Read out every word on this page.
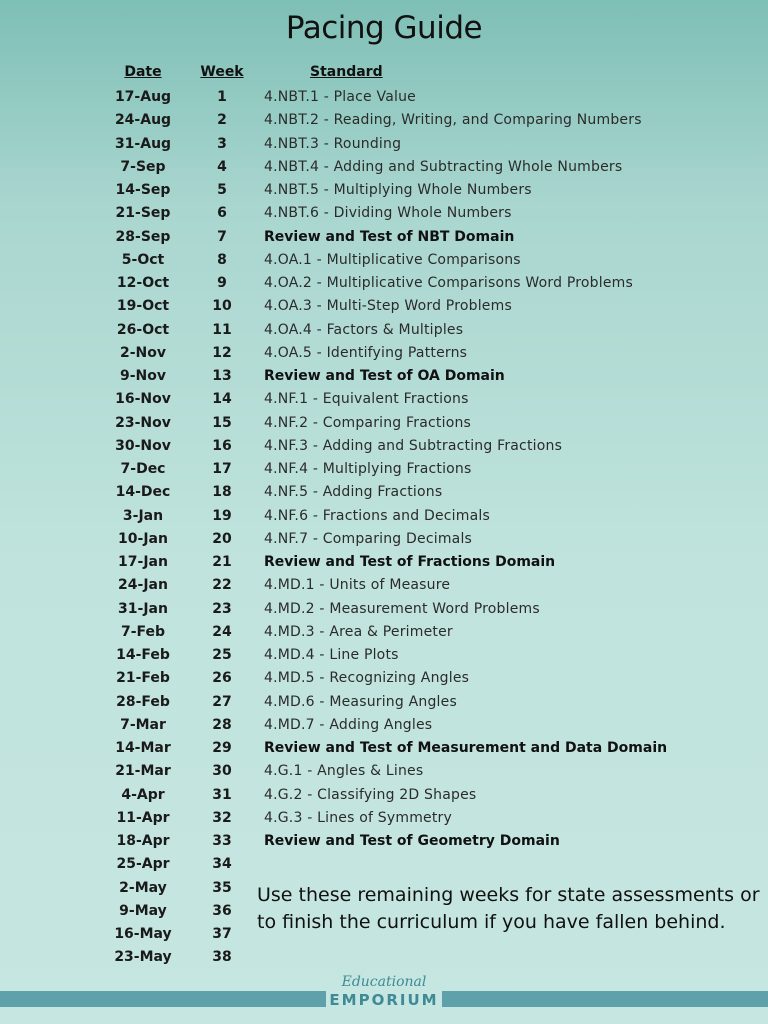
Pacing Guide
Date	Week	Standard
17-Aug	1	4.NBT.1 - Place Value
24-Aug	2	4.NBT.2 - Reading, Writing, and Comparing Numbers
31-Aug	3	4.NBT.3 - Rounding
7-Sep	4	4.NBT.4 - Adding and Subtracting Whole Numbers
14-Sep	5	4.NBT.5 - Multiplying Whole Numbers
21-Sep	6	4.NBT.6 - Dividing Whole Numbers
28-Sep	7	Review and Test of NBT Domain
5-Oct	8	4.OA.1 - Multiplicative Comparisons
12-Oct	9	4.OA.2 - Multiplicative Comparisons Word Problems
19-Oct	10	4.OA.3 - Multi-Step Word Problems
26-Oct	11	4.OA.4 - Factors & Multiples
2-Nov	12	4.OA.5 - Identifying Patterns
9-Nov	13	Review and Test of OA Domain
16-Nov	14	4.NF.1 - Equivalent Fractions
23-Nov	15	4.NF.2 - Comparing Fractions
30-Nov	16	4.NF.3 - Adding and Subtracting Fractions
7-Dec	17	4.NF.4 - Multiplying Fractions
14-Dec	18	4.NF.5 - Adding Fractions
3-Jan	19	4.NF.6 - Fractions and Decimals
10-Jan	20	4.NF.7 - Comparing Decimals
17-Jan	21	Review and Test of Fractions Domain
24-Jan	22	4.MD.1 - Units of Measure
31-Jan	23	4.MD.2 - Measurement Word Problems
7-Feb	24	4.MD.3 - Area & Perimeter
14-Feb	25	4.MD.4 - Line Plots
21-Feb	26	4.MD.5 - Recognizing Angles
28-Feb	27	4.MD.6 - Measuring Angles
7-Mar	28	4.MD.7 - Adding Angles
14-Mar	29	Review and Test of Measurement and Data Domain
21-Mar	30	4.G.1 - Angles & Lines
4-Apr	31	4.G.2 - Classifying 2D Shapes
11-Apr	32	4.G.3 - Lines of Symmetry
18-Apr	33	Review and Test of Geometry Domain
25-Apr	34
2-May	35
9-May	36
16-May	37
23-May	38
Use these remaining weeks for state assessments or
to finish the curriculum if you have fallen behind.
Educational
EMPORIUM
